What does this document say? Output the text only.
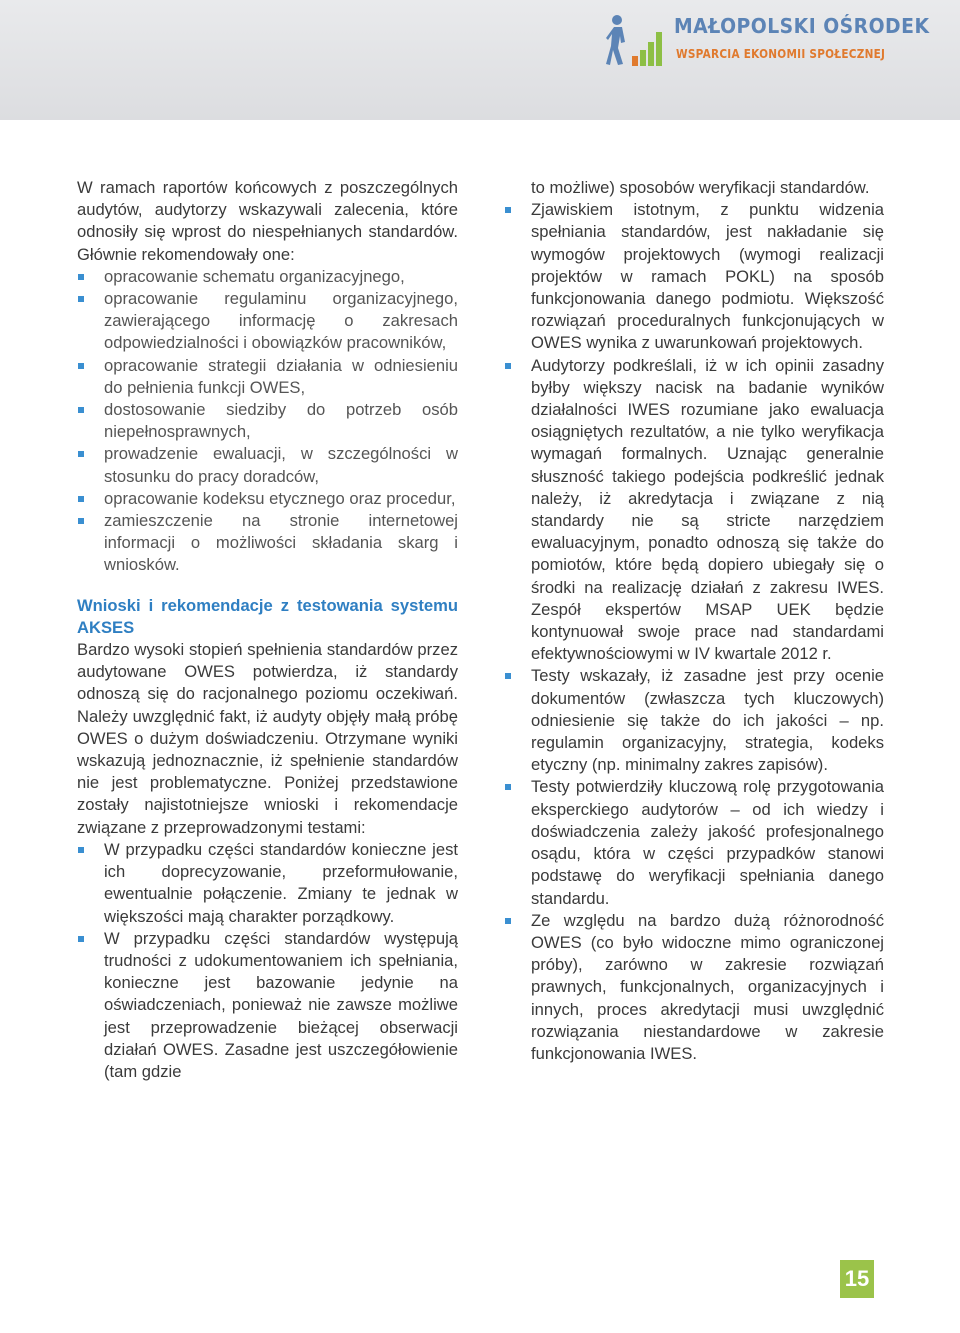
MAŁOPOLSKI OŚRODEK
WSPARCIA EKONOMII SPOŁECZNEJ

W ramach raportów końcowych z poszczególnych audytów, audytorzy wskazywali zalecenia, które odnosiły się wprost do niespełnianych standardów. Głównie rekomendowały one:

opracowanie schematu organizacyjnego,
opracowanie regulaminu organizacyjnego, zawierającego informację o zakresach odpowiedzialności i obowiązków pracowników,
opracowanie strategii działania w odniesieniu do pełnienia funkcji OWES,
dostosowanie siedziby do potrzeb osób niepełnosprawnych,
prowadzenie ewaluacji, w szczególności w stosunku do pracy doradców,
opracowanie kodeksu etycznego oraz procedur,
zamieszczenie na stronie internetowej informacji o możliwości składania skarg i wniosków.
Wnioski i rekomendacje z testowania systemu AKSES

Bardzo wysoki stopień spełnienia standardów przez audytowane OWES potwierdza, iż standardy odnoszą się do racjonalnego poziomu oczekiwań. Należy uwzględnić fakt, iż audyty objęły małą próbę OWES o dużym doświadczeniu. Otrzymane wyniki wskazują jednoznacznie, iż spełnienie standardów nie jest problematyczne. Poniżej przedstawione zostały najistotniejsze wnioski i rekomendacje związane z przeprowadzonymi testami:

W przypadku części standardów konieczne jest ich doprecyzowanie, przeformułowanie, ewentualnie połączenie. Zmiany te jednak w większości mają charakter porządkowy.
W przypadku części standardów występują trudności z udokumentowaniem ich spełniania, konieczne jest bazowanie jedynie na oświadczeniach, ponieważ nie zawsze możliwe jest przeprowadzenie bieżącej obserwacji działań OWES. Zasadne jest uszczegółowienie (tam gdzie

to możliwe) sposobów weryfikacji standardów.

Zjawiskiem istotnym, z punktu widzenia spełniania standardów, jest nakładanie się wymogów projektowych (wymogi realizacji projektów w ramach POKL) na sposób funkcjonowania danego podmiotu. Większość rozwiązań proceduralnych funkcjonujących w OWES wynika z uwarunkowań projektowych.
Audytorzy podkreślali, iż w ich opinii zasadny byłby większy nacisk na badanie wyników działalności IWES rozumiane jako ewaluacja osiągniętych rezultatów, a nie tylko weryfikacja wymagań formalnych. Uznając generalnie słuszność takiego podejścia podkreślić jednak należy, iż akredytacja i związane z nią standardy nie są stricte narzędziem ewaluacyjnym, ponadto odnoszą się także do pomiotów, które będą dopiero ubiegały się o środki na realizację działań z zakresu IWES. Zespół ekspertów MSAP UEK będzie kontynuował swoje prace nad standardami efektywnościowymi w IV kwartale 2012 r.
Testy wskazały, iż zasadne jest przy ocenie dokumentów (zwłaszcza tych kluczowych) odniesienie się także do ich jakości – np. regulamin organizacyjny, strategia, kodeks etyczny (np. minimalny zakres zapisów).
Testy potwierdziły kluczową rolę przygotowania eksperckiego audytorów – od ich wiedzy i doświadczenia zależy jakość profesjonalnego osądu, która w części przypadków stanowi podstawę do weryfikacji spełniania danego standardu.
Ze względu na bardzo dużą różnorodność OWES (co było widoczne mimo ograniczonej próby), zarówno w zakresie rozwiązań prawnych, funkcjonalnych, organizacyjnych i innych, proces akredytacji musi uwzględnić rozwiązania niestandardowe w zakresie funkcjonowania IWES.
15
